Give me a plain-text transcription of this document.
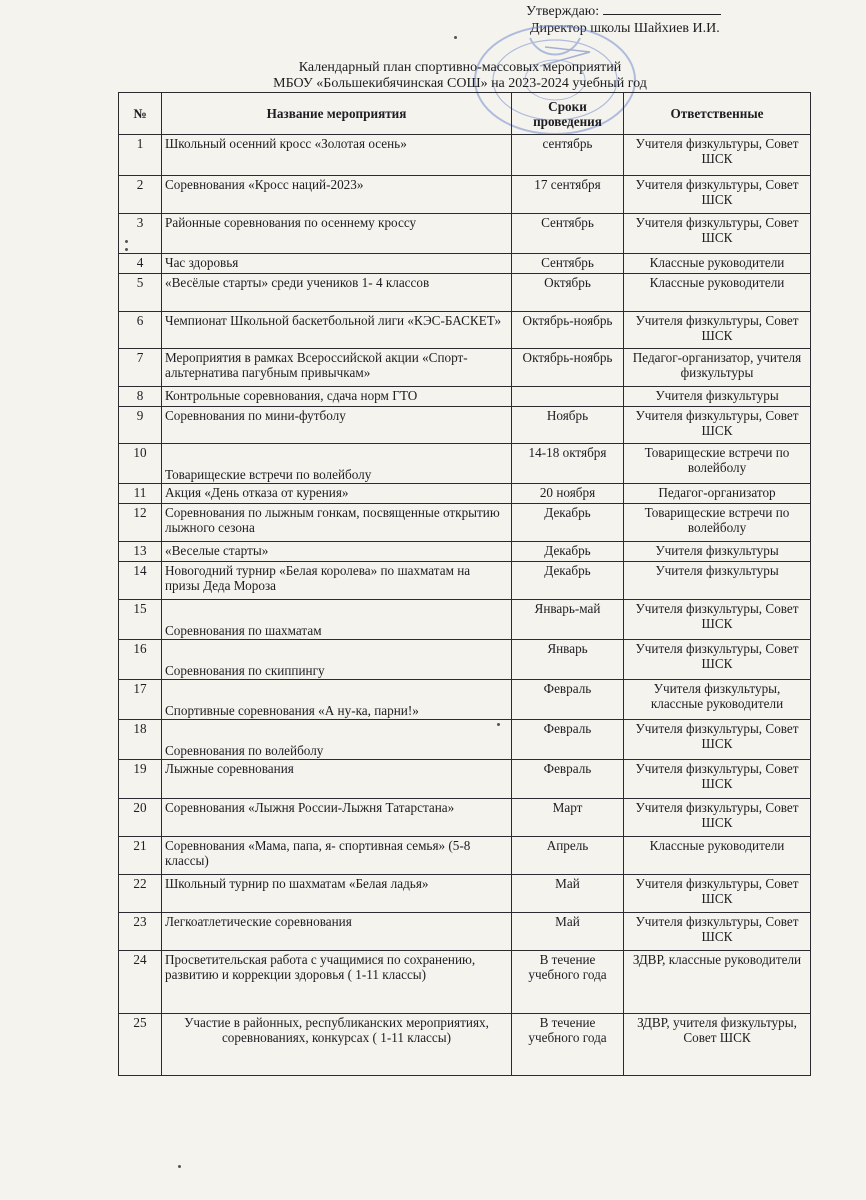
Утверждаю:
Директор школы Шайхиев И.И.
Календарный план спортивно-массовых мероприятий
МБОУ «Большекибячинская СОШ» на 2023-2024 учебный год
№	Название мероприятия	Сроки проведения	Ответственные
1	Школьный осенний кросс «Золотая осень»	сентябрь	Учителя физкультуры, Совет ШСК
2	Соревнования «Кросс наций-2023»	17 сентября	Учителя физкультуры, Совет ШСК
3	Районные соревнования по осеннему кроссу	Сентябрь	Учителя физкультуры, Совет ШСК
4	Час здоровья	Сентябрь	Классные руководители
5	«Весёлые старты» среди учеников 1- 4 классов	Октябрь	Классные руководители
6	Чемпионат Школьной баскетбольной лиги «КЭС-БАСКЕТ»	Октябрь-ноябрь	Учителя физкультуры, Совет ШСК
7	Мероприятия в рамках Всероссийской акции «Спорт-альтернатива пагубным привычкам»	Октябрь-ноябрь	Педагог-организатор, учителя физкультуры
8	Контрольные соревнования, сдача норм ГТО		Учителя физкультуры
9	Соревнования по мини-футболу	Ноябрь	Учителя физкультуры, Совет ШСК
10	Товарищеские встречи по волейболу	14-18 октября	Товарищеские встречи по волейболу
11	Акция «День отказа от курения»	20 ноября	Педагог-организатор
12	Соревнования по лыжным гонкам, посвященные открытию лыжного сезона	Декабрь	Товарищеские встречи по волейболу
13	«Веселые старты»	Декабрь	Учителя физкультуры
14	Новогодний турнир «Белая королева» по шахматам на призы Деда Мороза	Декабрь	Учителя физкультуры
15	Соревнования по шахматам	Январь-май	Учителя физкультуры, Совет ШСК
16	Соревнования по скиппингу	Январь	Учителя физкультуры, Совет ШСК
17	Спортивные соревнования «А ну-ка, парни!»	Февраль	Учителя физкультуры, классные руководители
18	Соревнования по волейболу	Февраль	Учителя физкультуры, Совет ШСК
19	Лыжные соревнования	Февраль	Учителя физкультуры, Совет ШСК
20	Соревнования «Лыжня России-Лыжня Татарстана»	Март	Учителя физкультуры, Совет ШСК
21	Соревнования «Мама, папа, я- спортивная семья» (5-8 классы)	Апрель	Классные руководители
22	Школьный турнир по шахматам «Белая ладья»	Май	Учителя физкультуры, Совет ШСК
23	Легкоатлетические соревнования	Май	Учителя физкультуры, Совет ШСК
24	Просветительская работа с учащимися по сохранению, развитию и коррекции здоровья ( 1-11 классы)	В течение учебного года	ЗДВР, классные руководители
25	Участие в районных, республиканских мероприятиях, соревнованиях, конкурсах ( 1-11 классы)	В течение учебного года	ЗДВР, учителя физкультуры, Совет ШСК
